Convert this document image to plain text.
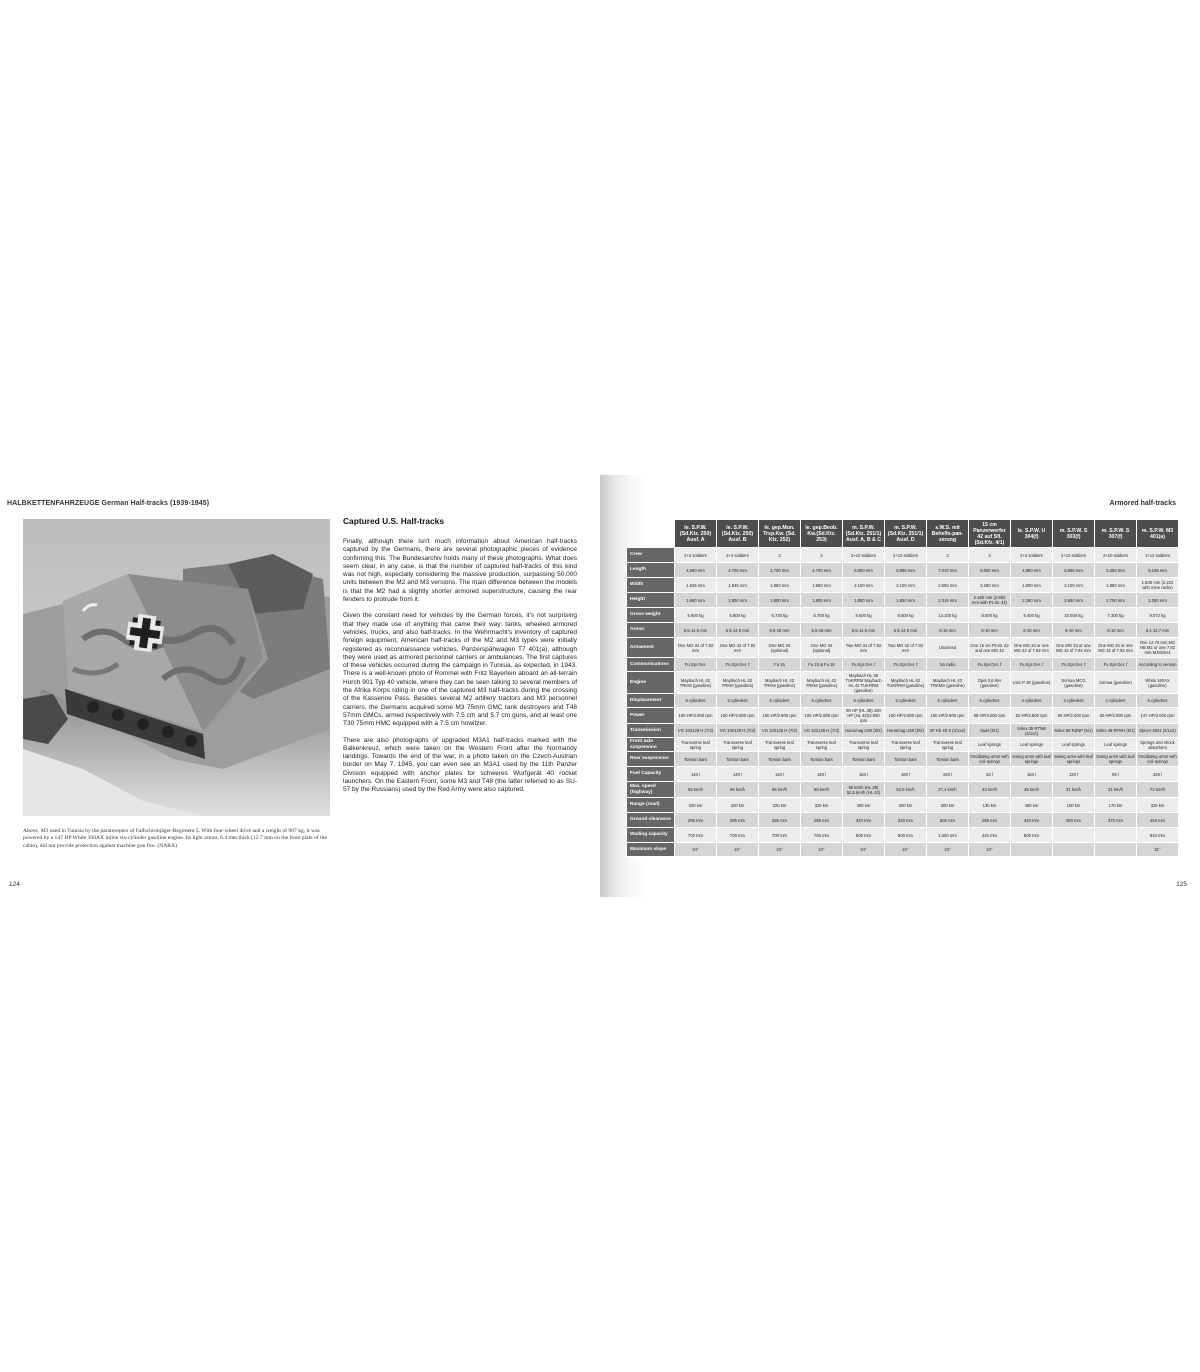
HALBKETTENFAHRZEUGE German Half-tracks (1939-1945)
Above, M3 used in Tunisia by the paratroopers of Fallschirmjäger-Regiment 5. With four-wheel drive and a weight of 907 kg, it was powered by a 147 HP White 160AX inline six-cylinder gasoline engine. Its light armor, 6.4 mm thick (12.7 mm on the front plate of the cabin), did not provide protection against machine gun fire. (NARA)
Captured U.S. Half-tracks

Finally, although there isn't much information about American half-tracks captured by the Germans, there are several photographic pieces of evidence confirming this. The Bundesarchiv holds many of these photographs. What does seem clear, in any case, is that the number of captured half-tracks of this kind was not high, especially considering the massive production, surpassing 50,000 units between the M2 and M3 versions. The main difference between the models is that the M2 had a slightly shorter armored superstructure, causing the rear fenders to protrude from it.

Given the constant need for vehicles by the German forces, it's not surprising that they made use of anything that came their way: tanks, wheeled armored vehicles, trucks, and also half-tracks. In the Wehrmacht's inventory of captured foreign equipment, American half-tracks of the M2 and M3 types were initially registered as reconnaissance vehicles, Panzerspähwagen T7 401(a), although they were used as armored personnel carriers or ambulances. The first captures of these vehicles occurred during the campaign in Tunisia, as expected, in 1943. There is a well-known photo of Rommel with Fritz Bayerlein aboard an all-terrain Horch 901 Typ 40 vehicle, where they can be seen talking to several members of the Afrika Korps riding in one of the captured M3 half-tracks during the crossing of the Kasserine Pass. Besides several M2 artillery tractors and M3 personnel carriers, the Germans acquired some M3 75mm GMC tank destroyers and T48 57mm GMCs, armed respectively with 7.5 cm and 5.7 cm guns, and at least one T30 75mm HMC equipped with a 7.5 cm howitzer.

There are also photographs of upgraded M3A1 half-tracks marked with the Balkenkreuz, which were taken on the Western Front after the Normandy landings. Towards the end of the war, in a photo taken on the Czech-Austrian border on May 7, 1945, you can even see an M3A1 used by the 11th Panzer Division equipped with anchor plates for schweres Wurfgerät 40 rocket launchers. On the Eastern Front, some M3 and T48 (the latter referred to as SU-57 by the Russians) used by the Red Army were also captured.

124
Armored half-tracks
	le. S.P.W. (Sd.Ktz. 250) Ausf. A	le. S.P.W. (Sd.Ktz. 250) Ausf. B	le. gep.Mun. Trsp.Kw. (Sd. Ktz. 252)	le. gep.Beob. Kw.(Sd.Ktz. 253)	m. S.P.W. (Sd.Ktz. 251/1) Ausf. A, B & C	m. S.P.W. (Sd.Ktz. 251/1) Ausf. D	s.W.S. mit Behelfs-pan-zerung	15 cm Panzerwerfer 42 auf Sfl. (Sd.Kfz. 4/1)	le. S.P.W. U 304(f)	m. S.P.W. S 303(f)	m. S.P.W. S 307(f)	m. S.P.W. M3 401(a)
Crew	2+4 soldiers	2+4 soldiers	2	4	2+10 soldiers	2+10 soldiers	2	3	2+4 soldiers	2+10 soldiers	2+10 soldiers	1+12 soldiers
Length	4.560 mm	4.700 mm	4.700 mm	4.700 mm	5.800 mm	5.980 mm	7.010 mm	6.000 mm	4.850 mm	5.860 mm	5.350 mm	6.165 mm
Width	1.945 mm	1.945 mm	1.950 mm	1.950 mm	2.100 mm	2.100 mm	2.500 mm	2.280 mm	1.800 mm	2.100 mm	1.880 mm	1.835 mm (2.222 with mine racks)
Height	1.660 mm	1.800 mm	1.800 mm	1.800 mm	1.850 mm	1.850 mm	2.316 mm	2.160 mm (2.550 mm with Pz.W. 42)	2.280 mm	2.650 mm	2.750 mm	2.260 mm
Gross weight	5.800 kg	5.800 kg	5.730 kg	5.700 kg	8.500 kg	8.500 kg	14.100 kg	8.500 kg	5.400 kg	10.500 kg	7.300 kg	9.072 kg
Armor	5,5-14,5 mm	5,5-14,5 mm	5,5-18 mm	5,5-18 mm	5,5-14,5 mm	5,5-14,5 mm	8-15 mm	8-10 mm	8-10 mm	8-10 mm	8-10 mm	6,4-12,7 mm
Armament	One MG 34 of 7.92 mm	One MG 42 of 7.92 mm	One MG 34 (optional)	One MG 34 (optional)	Two MG 34 of 7.92 mm	Two MG 42 of 7.92 mm	Unarmed	One 15 cm Pz.W. 42 and one MG 42	One MG 34 or one MG 42 of 7.92 mm	One MG 34 or one MG 42 of 7.92 mm	One MG 34 or one MG 42 of 7.92 mm	One 12.70 mm MG HB M2 or one 7.62 mm M1919A4
Communications	Fu.Spr.Ger.	Fu.Spr.Ger. f	Fu 15	Fu 15 & Fu 16	Fu.Spr.Ger. f	Fu.Spr.Ger. f	No radio	Fu.Spr.Ger. f	Fu.Spr.Ger. f	Fu.Spr.Ger. f	Fu.Spr.Ger. f	According to version
Engine	Maybach HL 42 TRKM (gasoline)	Maybach HL 42 TRKM (gasoline)	Maybach HL 42 TRKM (gasoline)	Maybach HL 42 TRKM (gasoline)	Maybach HL 38 TUKRRM Maybach HL 42 TUKRRM (gasoline)	Maybach HL 42 TUKRRM (gasoline)	Maybach HL 42 TRKMS (gasoline)	Opel 3,6 liter (gasoline)	Unic P 39 (gasoline)	Somua MCG (gasoline)	Somua (gasoline)	White 160AX (gasoline)
Displacement	6 cylinders	6 cylinders	6 cylinders	6 cylinders	6 cylinders	6 cylinders	6 cylinders	6 cylinders	4 cylinders	4 cylinders	4 cylinders	6 cylinders
Power	100 HP/2.800 rpm	100 HP/2.800 rpm	100 HP/2.800 rpm	100 HP/2.800 rpm	90 HP (HL 38) 100 HP (HL 42)/2.800 rpm	100 HP/2.800 rpm	100 HP/2.800 rpm	68 HP/3.000 rpm	62 HP/2.800 rpm	90 HP/2.000 rpm	60 HP/2.000 rpm	147 HP/3.000 rpm
Transmission	VG 102128 H (7/3)	VG 102128 H (7/3)	VG 102128 H (7/3)	VG 102128 H (7/3)	Hanomag U50 (8/2)	Hanomag U50 (8/2)	ZF Kb 40 S (4/1x2)	Opel (5/1)	Solex 35 RTNB (4/1x2)	Solex 60 RZNP (5/1)	Solex 45 RFNH (5/1)	Spicer 3641 (4/1x2)
Front axle suspension	Transverse leaf spring	Transverse leaf spring	Transverse leaf spring	Transverse leaf spring	Transverse leaf spring	Transverse leaf spring	Transverse leaf spring	Leaf springs	Leaf springs	Leaf springs	Leaf springs	Springs and shock absorbers
Rear suspension	Torsion bars	Torsion bars	Torsion bars	Torsion bars	Torsion bars	Torsion bars	Torsion bars	Oscillating arms with coil springs	Swing arms with leaf springs	Swing arms with leaf springs	Swing arms with leaf springs	Oscillating arms with coil springs
Fuel Capacity	140 l	140 l	140 l	140 l	160 l	160 l	240 l	82 l	160 l	120 l	95 l	226 l
Max. speed (highway)	65 km/h	65 km/h	65 km/h	65 km/h	50 km/h (HL 38) 52,5 km/h (HL 42)	52,5 km/h	27,4 km/h	33 km/h	45 km/h	31 km/h	31 km/h	72 km/h
Range (road)	320 km	320 km	320 km	320 km	300 km	300 km	300 km	130 km	400 km	100 km	170 km	320 km
Ground clearance	295 mm	285 mm	285 mm	285 mm	320 mm	320 mm	500 mm	285 mm	340 mm	360 mm	370 mm	450 mm
Wading capacity	700 mm	700 mm	700 mm	700 mm	500 mm	500 mm	1.000 mm	440 mm	800 mm			810 mm
Maximum slope	24°	24°	24°	24°	24°	24°	24°	24°				31°
125
